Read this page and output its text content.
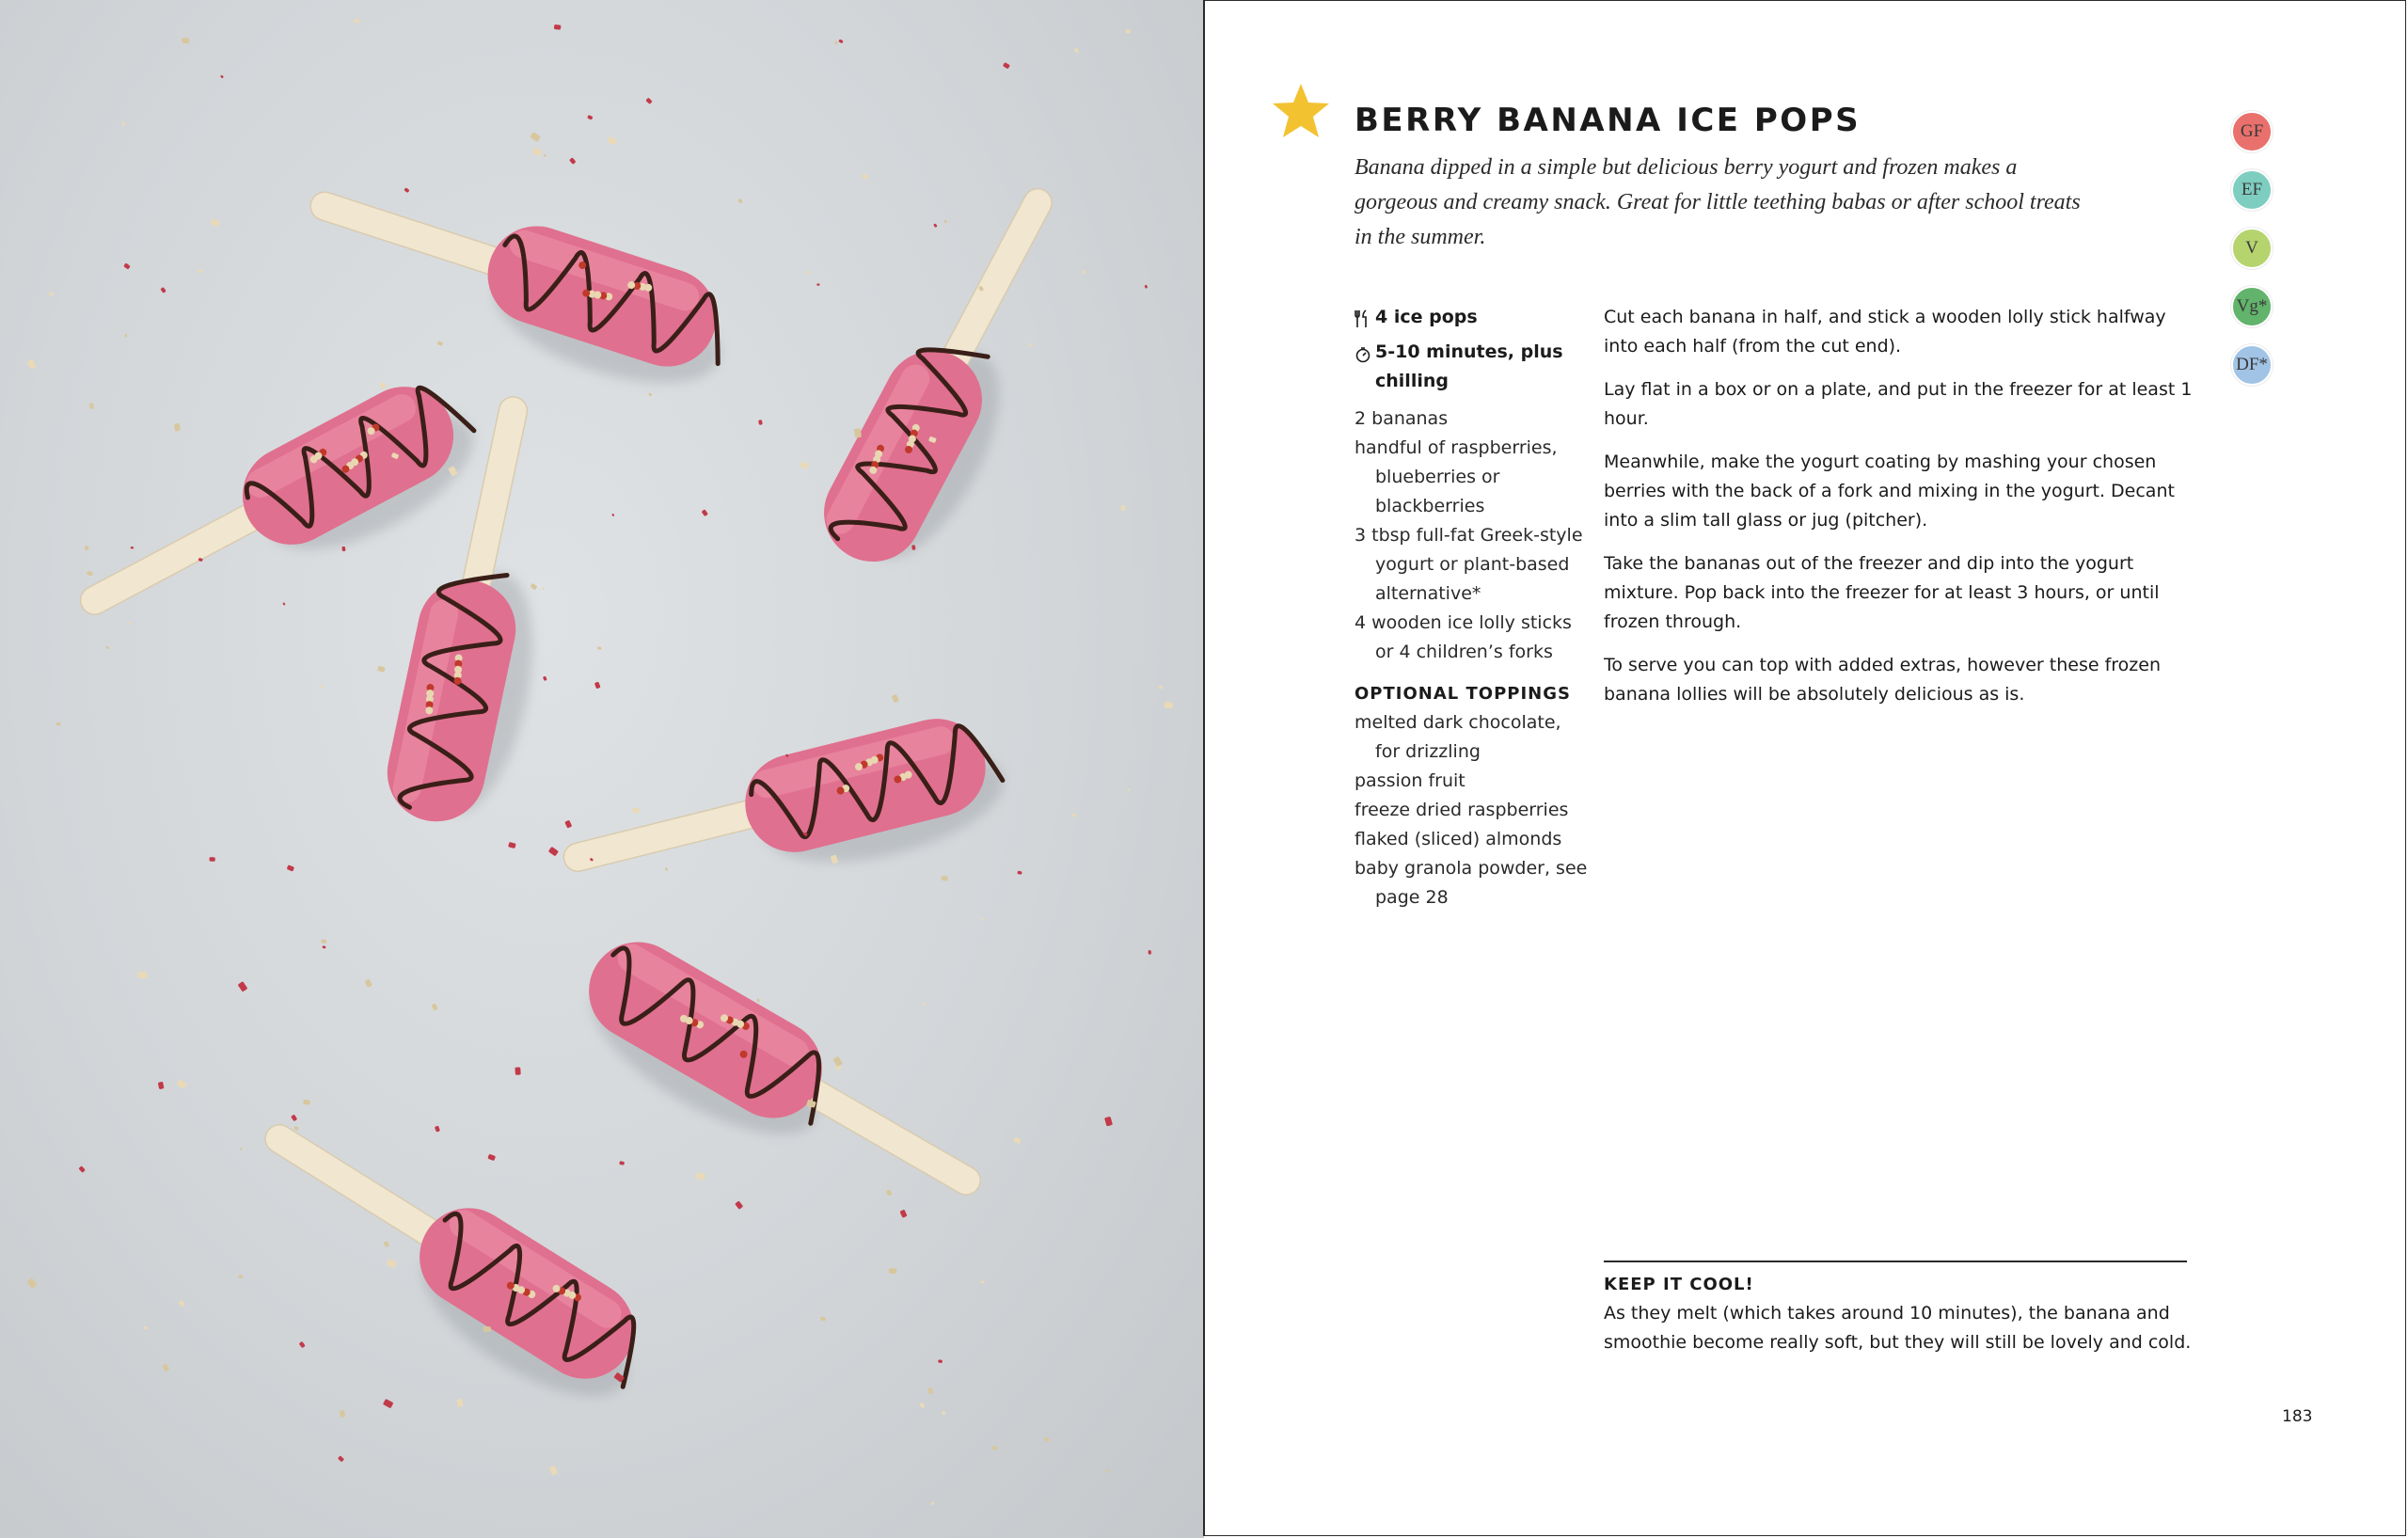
BERRY BANANA ICE POPS
Banana dipped in a simple but delicious berry yogurt and frozen makes a gorgeous and creamy snack. Great for little teething babas or after school treats in the summer.
GF
EF
V
Vg*
DF*
4 ice pops
5-10 minutes, plus
chilling
2 bananas
handful of raspberries, blueberries or blackberries
3 tbsp full-fat Greek-style yogurt or plant-based alternative*
4 wooden ice lolly sticks or 4 children’s forks
OPTIONAL TOPPINGS
melted dark chocolate, for drizzling
passion fruit
freeze dried raspberries
flaked (sliced) almonds
baby granola powder, see page 28

Cut each banana in half, and stick a wooden lolly stick halfway into each half (from the cut end).

Lay flat in a box or on a plate, and put in the freezer for at least 1 hour.

Meanwhile, make the yogurt coating by mashing your chosen berries with the back of a fork and mixing in the yogurt. Decant into a slim tall glass or jug (pitcher).

Take the bananas out of the freezer and dip into the yogurt mixture. Pop back into the freezer for at least 3 hours, or until frozen through.

To serve you can top with added extras, however these frozen banana lollies will be absolutely delicious as is.

KEEP IT COOL!
As they melt (which takes around 10 minutes), the banana and smoothie become really soft, but they will still be lovely and cold.
183
